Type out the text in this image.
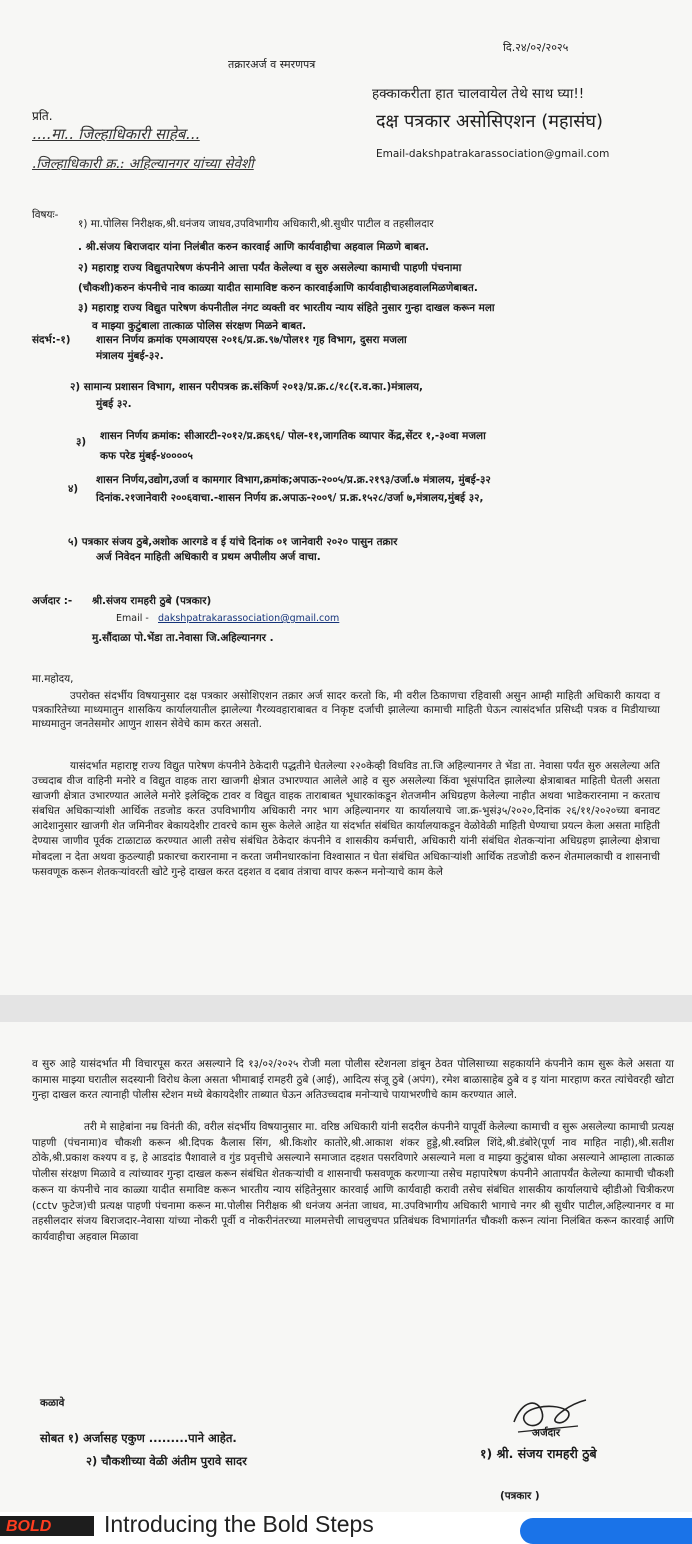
तक्रारअर्ज व स्मरणपत्र
दि.२४/०२/२०२५
हक्काकरीता हात चालवायेल तेथे साथ घ्या!!
दक्ष पत्रकार असोसिएशन (महासंघ)
Email-dakshpatrakarassociation@gmail.com
प्रति.
....मा.. जिल्हाधिकारी साहेब...
.जिल्हाधिकारी क्र.: अहिल्यानगर यांच्या सेवेशी
विषयः-
१) मा.पोलिस निरीक्षक,श्री.धनंजय जाधव,उपविभागीय अधिकारी,श्री.सुधीर पाटील व तहसीलदार
. श्री.संजय बिराजदार यांना निलंबीत करुन कारवाई आणि कार्यवाहीचा अहवाल मिळणे बाबत.
२) महाराष्ट्र राज्य विद्युतपारेषण कंपनीने आत्ता पर्यंत केलेल्या व सुरु असलेल्या कामाची पाहणी पंचनामा
(चौकशी)करुन कंपनीचे नाव काळ्या यादीत सामाविष्ट करुन कारवाईआणि कार्यवाहीचाअहवालमिळणेबाबत.
३) महाराष्ट्र राज्य विद्युत पारेषण कंपनीतील नंगट व्यक्ती वर भारतीय न्याय संहिते नुसार गुन्हा दाखल करून मला
व माझ्या कुटुंबाला तात्काळ पोलिस संरक्षण मिळने बाबत.
संदर्भ:-१) शासन निर्णय क्रमांक एमआयएस २०१६/प्र.क्र.९७/पोल११ गृह विभाग, दुसरा मजला
मंत्रालय मुंबई-३२.
२) सामान्य प्रशासन विभाग, शासन परीपत्रक क्र.संकिर्ण २०१३/प्र.क्र.८/१८(र.व.का.)मंत्रालय,
मुंबई ३२.
३) शासन निर्णय क्रमांक: सीआरटी-२०१२/प्र.क्र६९६/ पोल-११,जागतिक व्यापार केंद्र,सेंटर १,-३०वा मजला
कफ परेड मुंबई-४००००५
४)
शासन निर्णय,उद्योग,उर्जा व कामगार विभाग,क्रमांक;अपाऊ-२००५/प्र.क्र.२१९३/उर्जा.७ मंत्रालय, मुंबई-३२
दिनांक.२१जानेवारी २००६वाचा.-शासन निर्णय क्र.अपाऊ-२००९/ प्र.क्र.१५२८/उर्जा ७,मंत्रालय,मुंबई ३२,
५) पत्रकार संजय ठुबे,अशोक आरगडे व ई यांचे दिनांक ०१ जानेवारी २०२० पासुन तक्रार
अर्ज निवेदन माहिती अधिकारी व प्रथम अपीलीय अर्ज वाचा.
अर्जदार :- श्री.संजय रामहरी ठुबे (पत्रकार)
Email - dakshpatrakarassociation@gmail.com
मु.सौंदाळा पो.भेंडा ता.नेवासा जि.अहिल्यानगर .
मा.महोदय,
उपरोक्त संदर्भीय विषयानुसार दक्ष पत्रकार असोशिएशन तक्रार अर्ज सादर करतो कि, मी वरील ठिकाणचा रहिवासी असुन आम्ही माहिती अधिकारी कायदा व पत्रकारितेच्या माध्यमातुन शासकिय कार्यालयातील झालेल्या गैरव्यवहाराबाबत व निकृष्ट दर्जाची झालेल्या कामाची माहिती घेऊन त्यासंदर्भात प्रसिध्दी पत्रक व मिडीयाच्या माध्यमातुन जनतेसमोर आणुन शासन सेवेचे काम करत असतो.
यासंदर्भात महाराष्ट्र राज्य विद्युत पारेषण कंपनीने ठेकेदारी पद्धतीने घेतलेल्या २२०केव्ही विधविड ता.जि अहिल्यानगर ते भेंडा ता. नेवासा पर्यंत सुरु असलेल्या अति उच्चदाब वीज वाहिनी मनोरे व विद्युत वाहक तारा खाजगी क्षेत्रात उभारण्यात आलेले आहे व सुरु असलेल्या किंवा भूसंपादित झालेल्या क्षेत्राबाबत माहिती घेतली असता खाजगी क्षेत्रात उभारण्यात आलेले मनोरे इलेक्ट्रिक टावर व विद्युत वाहक ताराबाबत भूधारकांकडून शेतजमीन अधिग्रहण केलेल्या नाहीत अथवा भाडेकरारनामा न करताच संबधित अधिकाऱ्यांशी आर्थिक तडजोड करत उपविभागीय अधिकारी नगर भाग अहिल्यानगर या कार्यालयाचे जा.क्र-भुसं३५/२०२०,दिनांक २६/११/२०२०च्या बनावट आदेशानुसार खाजगी शेत जमिनीवर बेकायदेशीर टावरचे काम सुरू केलेले आहेत या संदर्भात संबंधित कार्यालयाकडून वेळोवेळी माहिती घेण्याचा प्रयत्न केला असता माहिती देण्यास जाणीव पूर्वक टाळाटाळ करण्यात आली तसेच संबंधित ठेकेदार कंपनीने व शासकीय कर्मचारी, अधिकारी यांनी संबंधित शेतकऱ्यांना अधिग्रहण झालेल्या क्षेत्राचा मोबदला न देता अथवा कुठल्याही प्रकारचा करारनामा न करता जमीनधारकांना विश्वासात न घेता संबंधित अधिकाऱ्यांशी आर्थिक तडजोडी करुन शेतमालकाची व शासनाची फसवणूक करून शेतकऱ्यांवरती खोटे गुन्हे दाखल करत दहशत व दबाव तंत्राचा वापर करून मनोऱ्याचे काम केले
व सुरु आहे यासंदर्भात मी विचारपूस करत असल्याने दि १३/०२/२०२५ रोजी मला पोलीस स्टेशनला डांबून ठेवत पोलिसाच्या सहकार्याने कंपनीने काम सुरू केले असता या कामास माझ्या घरातील सदस्यानी विरोध केला असता भीमाबाई रामहरी ठुबे (आई), आदित्य संजू ठुबे (अपंग), रमेश बाळासाहेब ठुबे व इ यांना मारहाण करत त्यांचेवरही खोटा गुन्हा दाखल करत त्यानाही पोलीस स्टेशन मध्ये बेकायदेशीर ताब्यात घेऊन अतिउच्चदाब मनोऱ्याचे पायाभरणीचे काम करण्यात आले.
तरी मे साहेबांना नम्र विनंती की, वरील संदर्भीय विषयानुसार मा. वरिष्ठ अधिकारी यांनी सदरील कंपनीने यापूर्वी केलेल्या कामाची व सुरू असलेल्या कामाची प्रत्यक्ष पाहणी (पंचनामा)व चौकशी करून श्री.दिपक कैलास सिंग, श्री.किशोर कातोरे,श्री.आकाश शंकर हुड्डे,श्री.स्वप्निल शिंदे,श्री.डंबोरे(पूर्ण नाव माहित नाही),श्री.सतीश ठोके,श्री.प्रकाश कश्यप व इ, हे आडदांड पैशावाले व गुंड प्रवृत्तीचे असल्याने समाजात दहशत पसरविणारे असल्याने मला व माझ्या कुटुंबास धोका असल्याने आम्हाला तात्काळ पोलीस संरक्षण मिळावे व त्यांच्यावर गुन्हा दाखल करून संबंधित शेतकऱ्यांची व शासनाची फसवणूक करणाऱ्या तसेच महापारेषण कंपनीने आतापर्यंत केलेल्या कामाची चौकशी करून या कंपनीचे नाव काळ्या यादीत समाविष्ट करून भारतीय न्याय संहितेनुसार कारवाई आणि कार्यवाही करावी तसेच संबंधित शासकीय कार्यालयाचे व्हीडीओ चित्रीकरण (cctv फुटेज)ची प्रत्यक्ष पाहणी पंचनामा करून मा.पोलीस निरीक्षक श्री धनंजय अनंता जाधव, मा.उपविभागीय अधिकारी भागाचे नगर श्री सुधीर पाटील,अहिल्यानगर व मा तहसीलदार संजय बिराजदार-नेवासा यांच्या नोकरी पूर्वी व नोकरीनंतरच्या मालमत्तेची लाचलुचपत प्रतिबंधक विभागांतर्गत चौकशी करून त्यांना निलंबित करून कारवाई आणि कार्यवाहीचा अहवाल मिळावा
कळावे
सोबत १) अर्जासह एकुण .........पाने आहेत.
२) चौकशीच्या वेळी अंतीम पुरावे सादर
अर्जदार
१) श्री. संजय रामहरी ठुबे
(पत्रकार )
BOLD	Introducing the Bold Steps
